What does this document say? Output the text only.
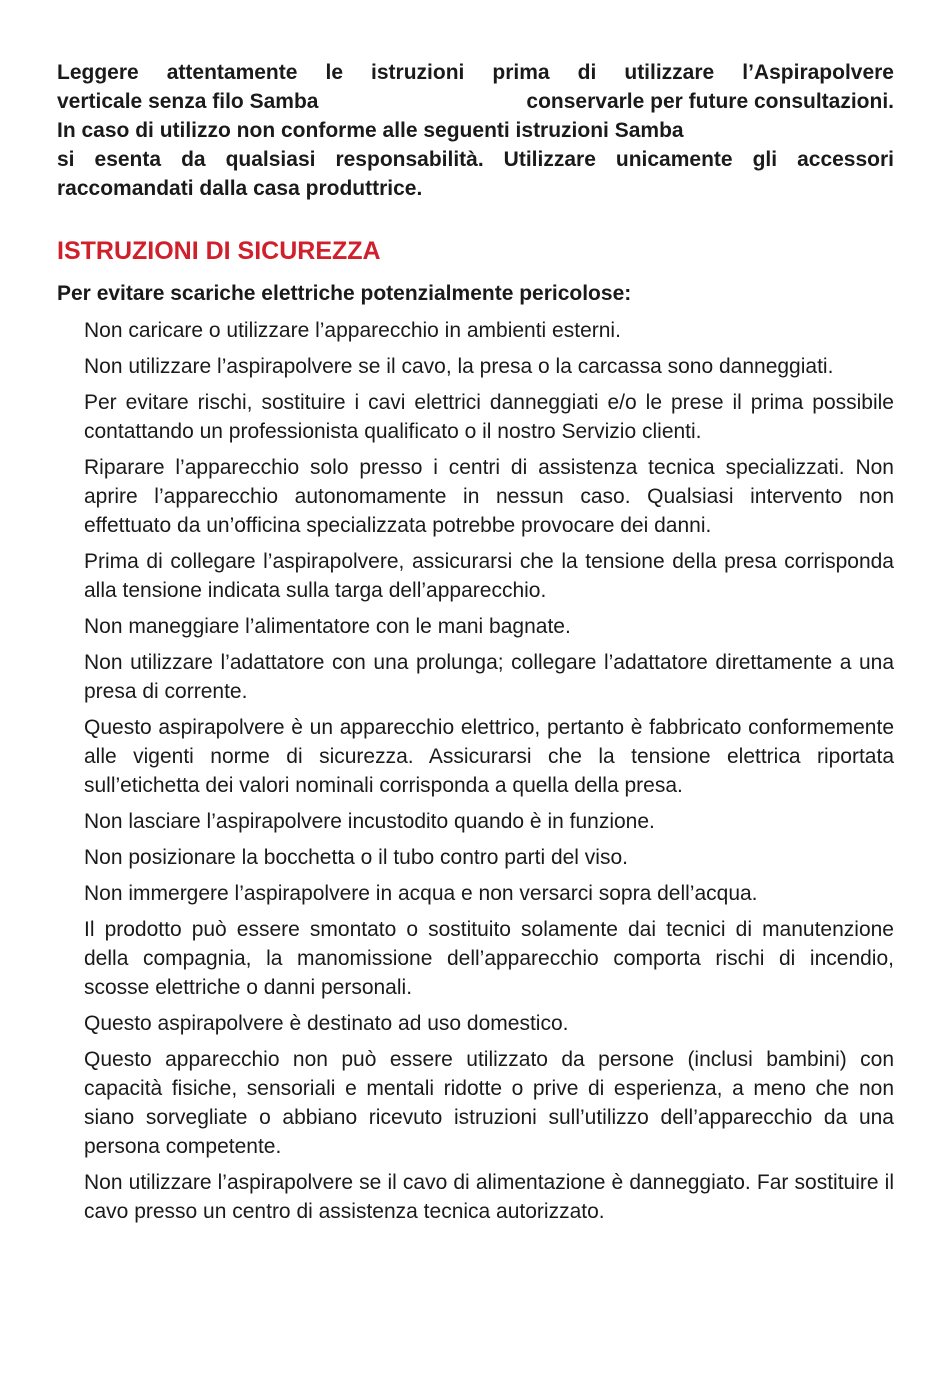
Leggere attentamente le istruzioni prima di utilizzare l’Aspirapolvere
verticale senza filo Samba	conservarle per future consultazioni.
In caso di utilizzo non conforme alle seguenti istruzioni Samba
si esenta da qualsiasi responsabilità. Utilizzare unicamente gli accessori
raccomandati dalla casa produttrice.

ISTRUZIONI DI SICUREZZA
Per evitare scariche elettriche potenzialmente pericolose:
Non caricare o utilizzare l’apparecchio in ambienti esterni.
Non utilizzare l’aspirapolvere se il cavo, la presa o la carcassa sono danneggiati.
Per evitare rischi, sostituire i cavi elettrici danneggiati e/o le prese il prima possibile contattando un professionista qualificato o il nostro Servizio clienti.
Riparare l’apparecchio solo presso i centri di assistenza tecnica specializzati. Non aprire l’apparecchio autonomamente in nessun caso. Qualsiasi intervento non effettuato da un’officina specializzata potrebbe provocare dei danni.
Prima di collegare l’aspirapolvere, assicurarsi che la tensione della presa corrisponda alla tensione indicata sulla targa dell’apparecchio.
Non maneggiare l’alimentatore con le mani bagnate.
Non utilizzare l’adattatore con una prolunga; collegare l’adattatore direttamente a una presa di corrente.
Questo aspirapolvere è un apparecchio elettrico, pertanto è fabbricato conformemente alle vigenti norme di sicurezza. Assicurarsi che la tensione elettrica riportata sull’etichetta dei valori nominali corrisponda a quella della presa.
Non lasciare l’aspirapolvere incustodito quando è in funzione.
Non posizionare la bocchetta o il tubo contro parti del viso.
Non immergere l’aspirapolvere in acqua e non versarci sopra dell’acqua.
Il prodotto può essere smontato o sostituito solamente dai tecnici di manutenzione della compagnia, la manomissione dell’apparecchio comporta rischi di incendio, scosse elettriche o danni personali.
Questo aspirapolvere è destinato ad uso domestico.
Questo apparecchio non può essere utilizzato da persone (inclusi bambini) con capacità fisiche, sensoriali e mentali ridotte o prive di esperienza, a meno che non siano sorvegliate o abbiano ricevuto istruzioni sull’utilizzo dell’apparecchio da una persona competente.
Non utilizzare l’aspirapolvere se il cavo di alimentazione è danneggiato. Far sostituire il cavo presso un centro di assistenza tecnica autorizzato.
